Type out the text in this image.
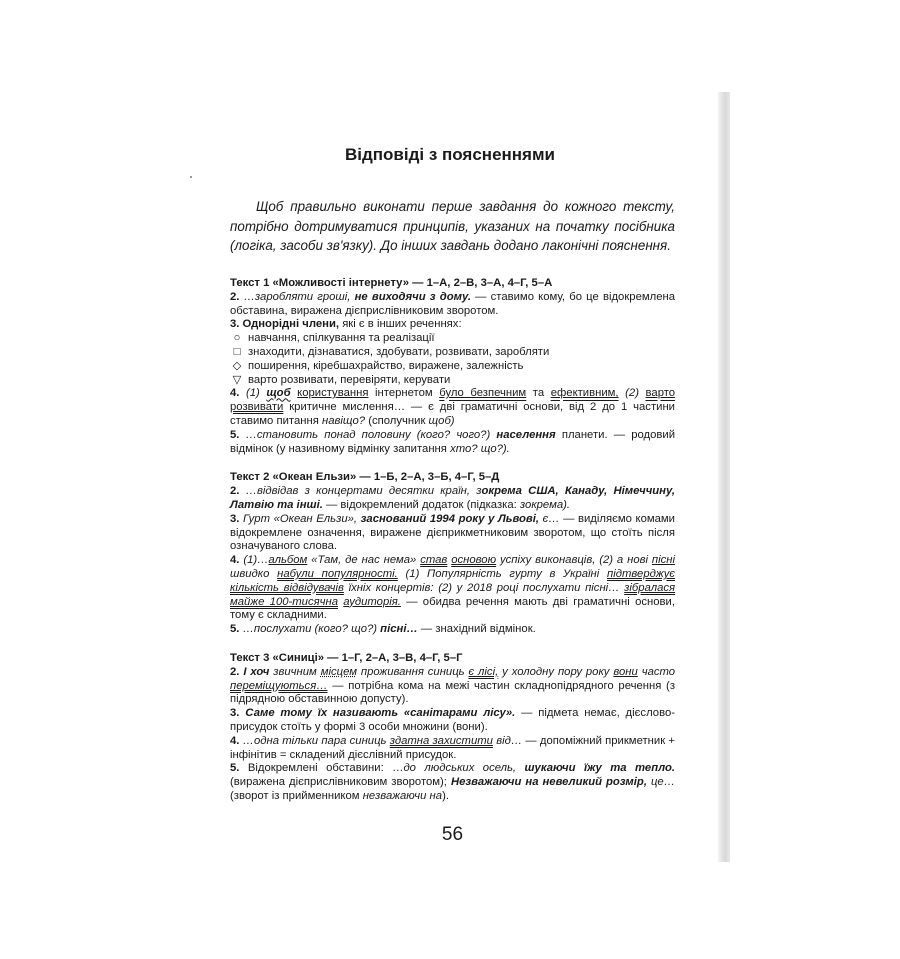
Відповіді з поясненнями

Щоб правильно виконати перше завдання до кожного тексту, потрібно дотримуватися принципів, указаних на початку посібника (логіка, засоби зв'язку). До інших завдань додано лаконічні пояснення.

Текст 1 «Можливості інтернету» — 1–А, 2–В, 3–А, 4–Г, 5–А

2. …заробляти гроші, не виходячи з дому. — ставимо кому, бо це відокремлена обставина, виражена дієприслівниковим зворотом.

3. Однорідні члени, які є в інших реченнях:

○ навчання, спілкування та реалізації
□ знаходити, дізнаватися, здобувати, розвивати, заробляти
◇ поширення, кіребшахрайство, виражене, залежність
▽ варто розвивати, перевіряти, керувати

4. (1) щоб користування інтернетом було безпечним та ефективним, (2) варто розвивати критичне мислення… — є дві граматичні основи, від 2 до 1 частини ставимо питання навіщо? (сполучник щоб)

5. …становить понад половину (кого? чого?) населення планети. — родовий відмінок (у називному відмінку запитання хто? що?).

Текст 2 «Океан Ельзи» — 1–Б, 2–А, 3–Б, 4–Г, 5–Д

2. …відвідав з концертами десятки країн, зокрема США, Канаду, Німеччину, Латвію та інші. — відокремлений додаток (підказка: зокрема).

3. Гурт «Океан Ельзи», заснований 1994 року у Львові, є… — виділяємо комами відокремлене означення, виражене дієприкметниковим зворотом, що стоїть після означуваного слова.

4. (1)…альбом «Там, де нас нема» став основою успіху виконавців, (2) а нові пісні швидко набули популярності. (1) Популярність гурту в Україні підтверджує кількість відвідувачів їхніх концертів: (2) у 2018 році послухати пісні… зібралася майже 100-тисячна аудиторія. — обидва речення мають дві граматичні основи, тому є складними.

5. …послухати (кого? що?) пісні… — знахідний відмінок.

Текст 3 «Синиці» — 1–Г, 2–А, 3–В, 4–Г, 5–Г

2. І хоч звичним місцем проживання синиць є лісі, у холодну пору року вони часто переміщуються… — потрібна кома на межі частин складнопідрядного речення (з підрядною обставинною допусту).

3. Саме тому їх називають «санітарами лісу». — підмета немає, дієслово-присудок стоїть у формі 3 особи множини (вони).

4. …одна тільки пара синиць здатна захистити від… — допоміжний прикметник + інфінітив = складений дієслівний присудок.

5. Відокремлені обставини: …до людських осель, шукаючи їжу та тепло. (виражена дієприслівниковим зворотом); Незважаючи на невеликий розмір, це… (зворот із прийменником незважаючи на).

56
